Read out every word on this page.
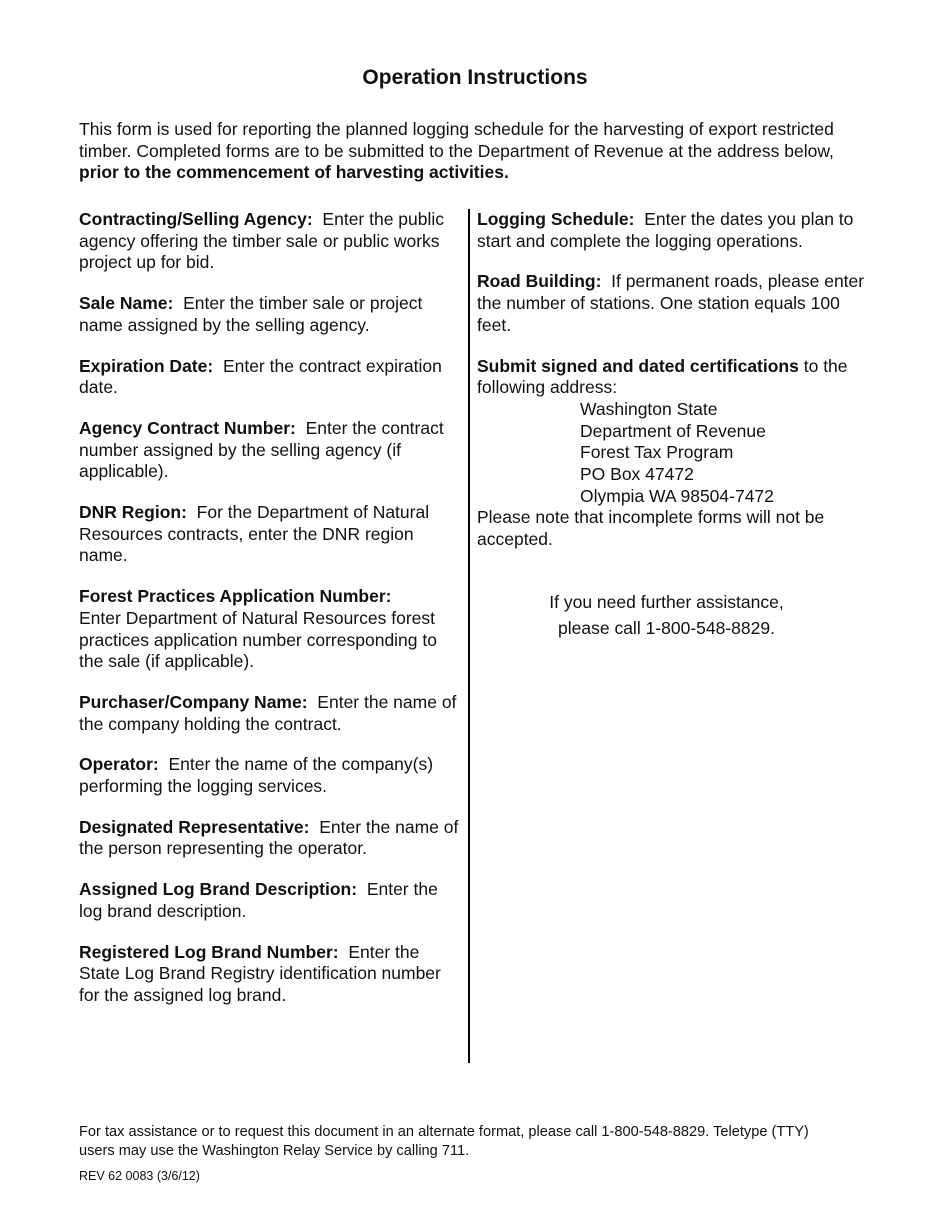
Operation Instructions

This form is used for reporting the planned logging schedule for the harvesting of export restricted timber. Completed forms are to be submitted to the Department of Revenue at the address below, prior to the commencement of harvesting activities.

Contracting/Selling Agency: Enter the public agency offering the timber sale or public works project up for bid.

Sale Name: Enter the timber sale or project name assigned by the selling agency.

Expiration Date: Enter the contract expiration date.

Agency Contract Number: Enter the contract number assigned by the selling agency (if applicable).

DNR Region: For the Department of Natural Resources contracts, enter the DNR region name.

Forest Practices Application Number:
Enter Department of Natural Resources forest practices application number corresponding to the sale (if applicable).

Purchaser/Company Name: Enter the name of the company holding the contract.

Operator: Enter the name of the company(s) performing the logging services.

Designated Representative: Enter the name of the person representing the operator.

Assigned Log Brand Description: Enter the log brand description.

Registered Log Brand Number: Enter the State Log Brand Registry identification number for the assigned log brand.

Logging Schedule: Enter the dates you plan to start and complete the logging operations.

Road Building: If permanent roads, please enter the number of stations. One station equals 100 feet.

Submit signed and dated certifications to the following address:

Washington State
Department of Revenue
Forest Tax Program
PO Box 47472
Olympia WA 98504-7472

Please note that incomplete forms will not be accepted.

If you need further assistance,
please call 1-800-548-8829.

For tax assistance or to request this document in an alternate format, please call 1-800-548-8829. Teletype (TTY) users may use the Washington Relay Service by calling 711.

REV 62 0083 (3/6/12)
